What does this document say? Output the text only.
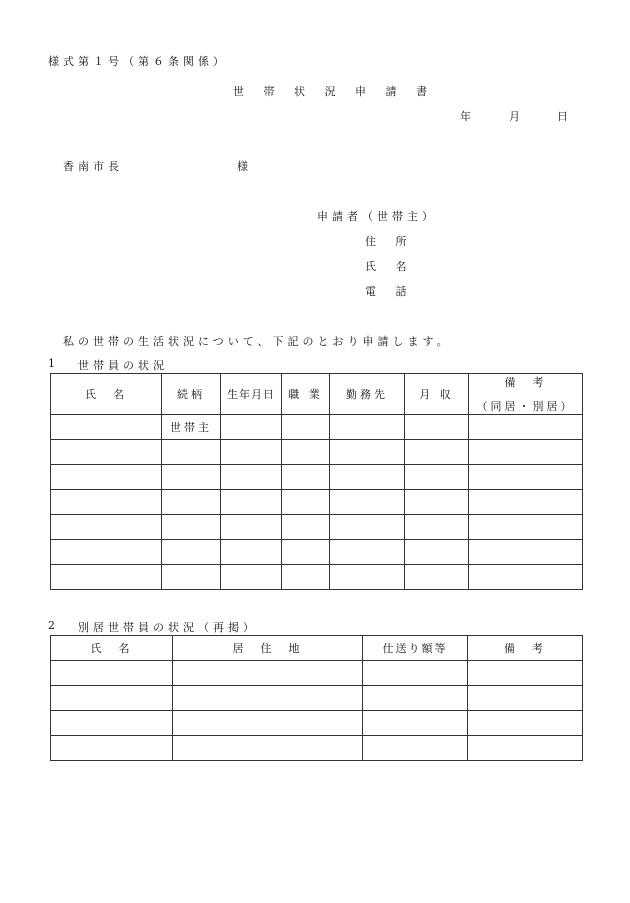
様式第１号（第６条関係）
世 帯 状 況 申 請 書
年	月	日
香南市長	様
申請者（世帯主）
住 所
氏 名
電 話
私の世帯の生活状況について、下記のとおり申請します。
1 世帯員の状況
氏　名	続柄	生年月日	職 業	勤務先	月 収	備　考
（同居・別居）

	世帯主					

2 別居世帯員の状況（再掲）
氏　名	居　住　地	仕送り額等	備　考
